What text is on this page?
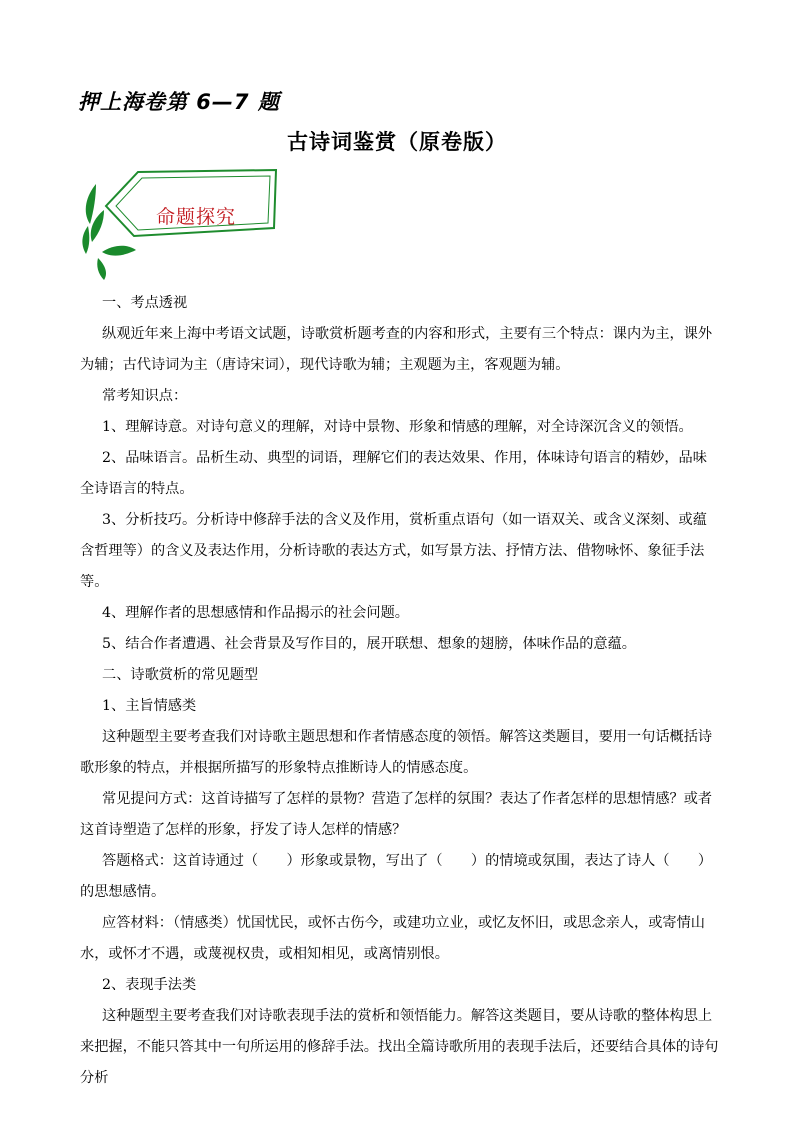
押上海卷第 6—7 题
古诗词鉴赏（原卷版）
命题探究

一、考点透视

纵观近年来上海中考语文试题，诗歌赏析题考查的内容和形式，主要有三个特点：课内为主，课外为辅；古代诗词为主（唐诗宋词），现代诗歌为辅；主观题为主，客观题为辅。

常考知识点：

1、理解诗意。对诗句意义的理解，对诗中景物、形象和情感的理解，对全诗深沉含义的领悟。

2、品味语言。品析生动、典型的词语，理解它们的表达效果、作用，体味诗句语言的精妙，品味全诗语言的特点。

3、分析技巧。分析诗中修辞手法的含义及作用，赏析重点语句（如一语双关、或含义深刻、或蕴含哲理等）的含义及表达作用，分析诗歌的表达方式，如写景方法、抒情方法、借物咏怀、象征手法等。

4、理解作者的思想感情和作品揭示的社会问题。

5、结合作者遭遇、社会背景及写作目的，展开联想、想象的翅膀，体味作品的意蕴。

二、诗歌赏析的常见题型

1、主旨情感类

这种题型主要考查我们对诗歌主题思想和作者情感态度的领悟。解答这类题目，要用一句话概括诗歌形象的特点，并根据所描写的形象特点推断诗人的情感态度。

常见提问方式：这首诗描写了怎样的景物？营造了怎样的氛围？表达了作者怎样的思想情感？或者这首诗塑造了怎样的形象，抒发了诗人怎样的情感？

答题格式：这首诗通过（　　）形象或景物，写出了（　　）的情境或氛围，表达了诗人（　　）的思想感情。

应答材料：（情感类）忧国忧民，或怀古伤今，或建功立业，或忆友怀旧，或思念亲人，或寄情山水，或怀才不遇，或蔑视权贵，或相知相见，或离情别恨。

2、表现手法类

这种题型主要考查我们对诗歌表现手法的赏析和领悟能力。解答这类题目，要从诗歌的整体构思上来把握，不能只答其中一句所运用的修辞手法。找出全篇诗歌所用的表现手法后，还要结合具体的诗句分析
